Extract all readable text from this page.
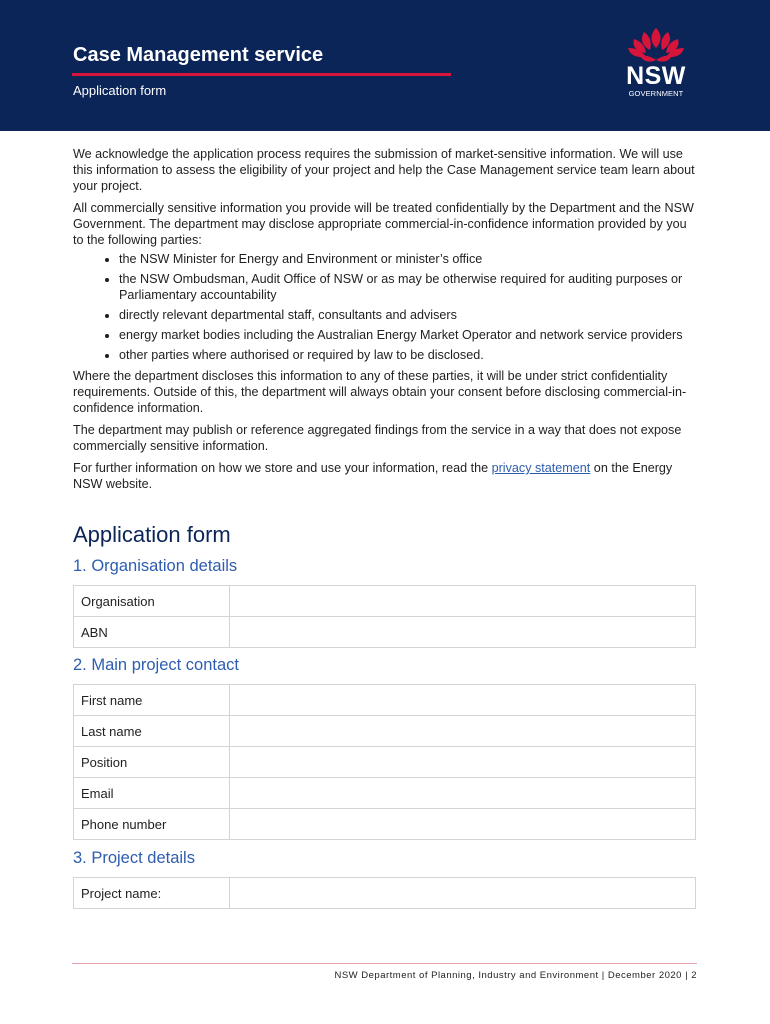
Case Management service
Application form
NSW
GOVERNMENT

We acknowledge the application process requires the submission of market-sensitive information. We will use this information to assess the eligibility of your project and help the Case Management service team learn about your project.

All commercially sensitive information you provide will be treated confidentially by the Department and the NSW Government. The department may disclose appropriate commercial-in-confidence information provided by you to the following parties:

• the NSW Minister for Energy and Environment or minister’s office
• the NSW Ombudsman, Audit Office of NSW or as may be otherwise required for auditing purposes or Parliamentary accountability
• directly relevant departmental staff, consultants and advisers
• energy market bodies including the Australian Energy Market Operator and network service providers
• other parties where authorised or required by law to be disclosed.

Where the department discloses this information to any of these parties, it will be under strict confidentiality requirements. Outside of this, the department will always obtain your consent before disclosing commercial-in-confidence information.

The department may publish or reference aggregated findings from the service in a way that does not expose commercially sensitive information.

For further information on how we store and use your information, read the privacy statement on the Energy NSW website.

Application form
1. Organisation details
Organisation	
ABN	
2. Main project contact
First name	
Last name	
Position	
Email	
Phone number	
3. Project details
Project name:	
NSW Department of Planning, Industry and Environment | December 2020 | 2
